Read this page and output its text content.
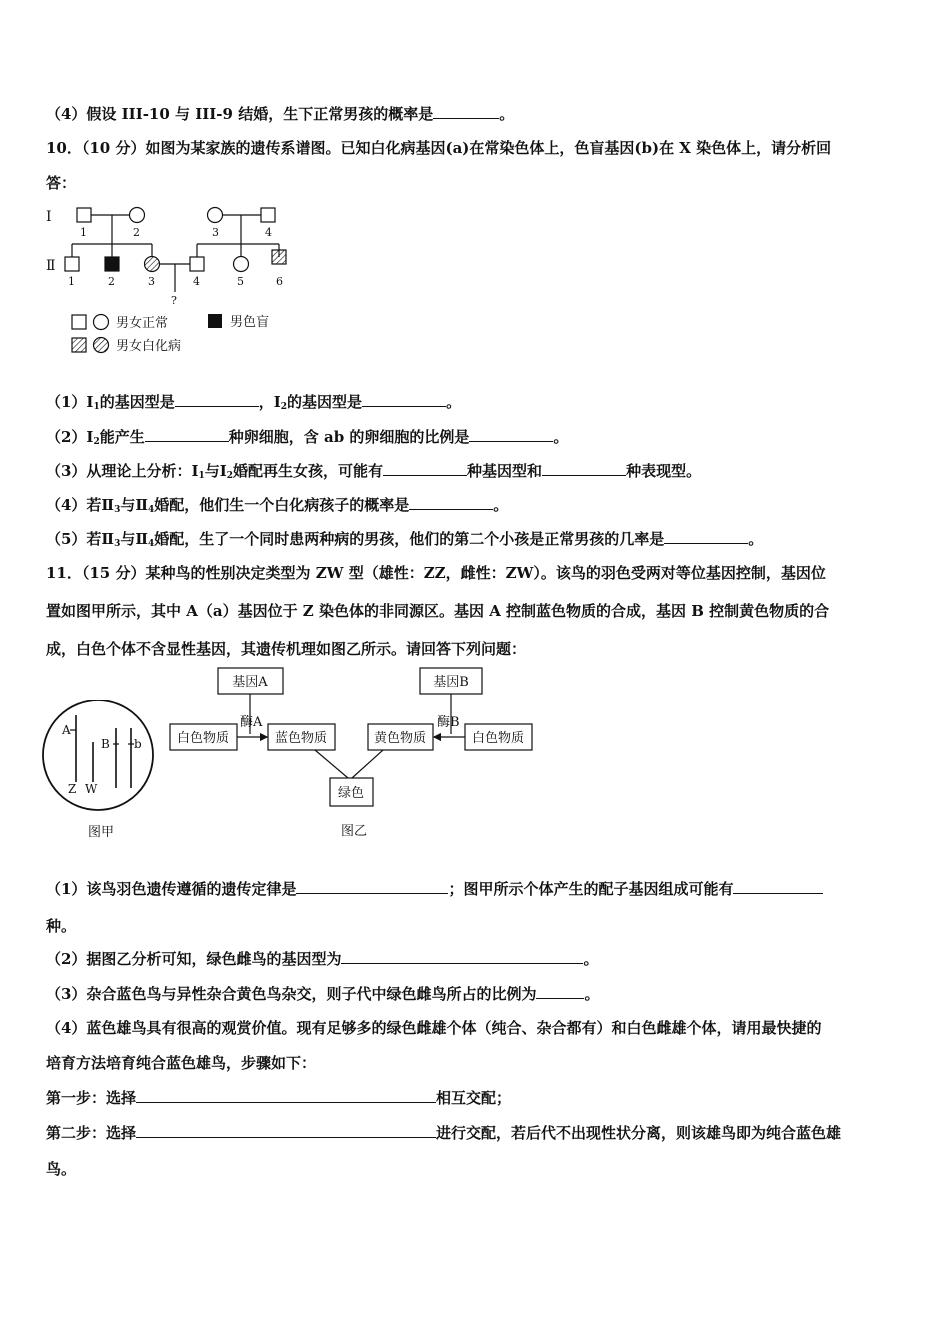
（4）假设 III-10 与 III-9 结婚，生下正常男孩的概率是	。
10．（10 分）如图为某家族的遗传系谱图。已知白化病基因(a)在常染色体上，色盲基因(b)在 X 染色体上，请分析回
答：
Ⅰ
Ⅱ
1	2	3	4
?
1	2	3	4	5	6
男女正常	男色盲
男女白化病
$(1)Ⅰ_1$的基因型是	，$Ⅰ_2$的基因型是	。
$(2)Ⅰ_2$能产生	种卵细胞，含 ab 的卵细胞的比例是	。
（3）从理论上分析：$Ⅰ_1$与$Ⅰ_2$婚配再生女孩，可能有	种基因型和	种表现型。
（4）若$Ⅱ_3$与$Ⅱ_4$婚配，他们生一个白化病孩子的概率是	。
（5）若$Ⅱ_3$与$Ⅱ_4$婚配，生了一个同时患两种病的男孩，他们的第二个小孩是正常男孩的几率是	。
11．（15 分）某种鸟的性别决定类型为 ZW 型（雄性：ZZ，雌性：ZW）。该鸟的羽色受两对等位基因控制，基因位
置如图甲所示，其中 A（a）基因位于 Z 染色体的非同源区。基因 A 控制蓝色物质的合成，基因 B 控制黄色物质的合
成，白色个体不含显性基因，其遗传机理如图乙所示。请回答下列问题：
A
B b
Z W
图甲
基因A	基因B
酶A	酶B
白色物质	蓝色物质	黄色物质	白色物质
绿色
图乙
（1）该鸟羽色遗传遵循的遗传定律是	；图甲所示个体产生的配子基因组成可能有
种。
（2）据图乙分析可知，绿色雌鸟的基因型为	。
（3）杂合蓝色鸟与异性杂合黄色鸟杂交，则子代中绿色雌鸟所占的比例为	。
（4）蓝色雄鸟具有很高的观赏价值。现有足够多的绿色雌雄个体（纯合、杂合都有）和白色雌雄个体，请用最快捷的
培育方法培育纯合蓝色雄鸟，步骤如下：
第一步：选择	相互交配；
第二步：选择	进行交配，若后代不出现性状分离，则该雄鸟即为纯合蓝色雄
鸟。
